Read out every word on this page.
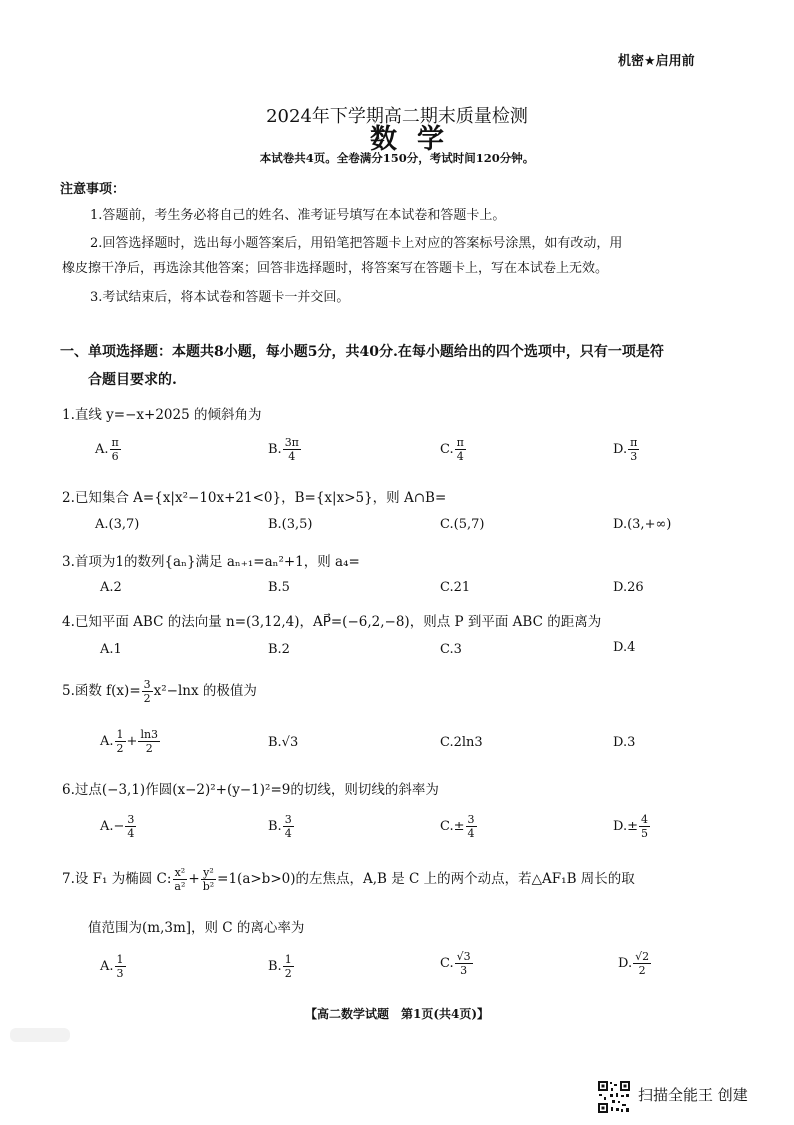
机密★启用前
2024年下学期高二期末质量检测
数学
本试卷共4页。全卷满分150分，考试时间120分钟。
注意事项：
1.答题前，考生务必将自己的姓名、准考证号填写在本试卷和答题卡上。
2.回答选择题时，选出每小题答案后，用铅笔把答题卡上对应的答案标号涂黑，如有改动，用
橡皮擦干净后，再选涂其他答案；回答非选择题时，将答案写在答题卡上，写在本试卷上无效。
3.考试结束后，将本试卷和答题卡一并交回。
一、单项选择题：本题共8小题，每小题5分，共40分.在每小题给出的四个选项中，只有一项是符
合题目要求的.
1.直线 y=−x+2025 的倾斜角为
A. $\frac{\pi}{6}$	B. $\frac{3\pi}{4}$	C. $\frac{\pi}{4}$	D. $\frac{\pi}{3}$
2.已知集合 A={x|x²−10x+21<0}，B={x|x>5}，则 A∩B=
A.(3,7)	B.(3,5)	C.(5,7)	D.(3,+∞)
3.首项为1的数列{aₙ}满足 aₙ₊₁=aₙ²+1，则 a₄=
A.2	B.5	C.21	D.26
4.已知平面 ABC 的法向量 n=(3,12,4)，AP⃗=(−6,2,−8)，则点 P 到平面 ABC 的距离为
A.1	B.2	C.3	D.4
5.函数 $f(x)= \frac{3}{2} x^2-\ln x$ 的极值为
A. $\frac{1}{2} + \frac{\ln 3}{2}$	B.√3	C.2ln3	D.3
6.过点(−3,1)作圆(x−2)²+(y−1)²=9的切线，则切线的斜率为
$A.- \frac{3}{4}$	B. $\frac{3}{4}$	$C.\pm \frac{3}{4}$	$D.\pm \frac{4}{5}$
7.设 F₁ 为椭圆 C: $\frac{\text{x²}}{\text{a²}} + \frac{\text{y²}}{\text{b²}} =1(a>b>0)$的左焦点，A,B 是 C 上的两个动点，若△AF₁B 周长的取
值范围为(m,3m]，则 C 的离心率为
A. $\frac{1}{3}$	B. $\frac{1}{2}$	C. $\frac{√3}{3}$	D. $\frac{√2}{2}$
【高二数学试题　第1页(共4页)】
扫描全能王 创建
